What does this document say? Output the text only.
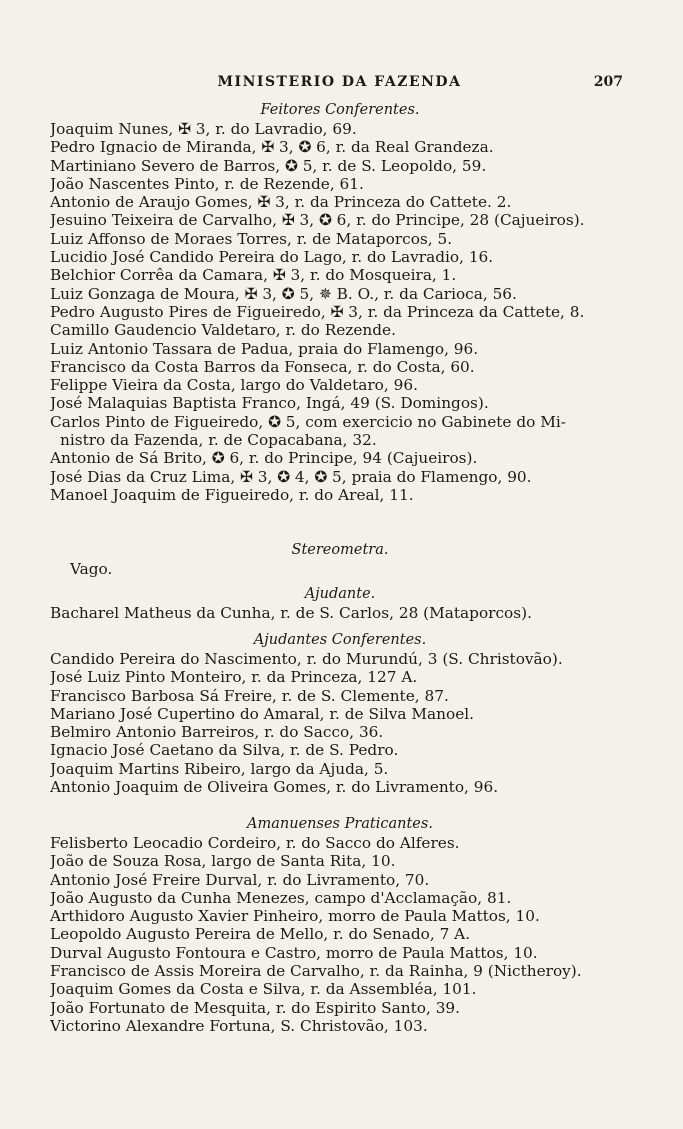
MINISTERIO DA FAZENDA	207
Feitores Conferentes.
Joaquim Nunes, ✠ 3, r. do Lavradio, 69.
Pedro Ignacio de Miranda, ✠ 3, ✪ 6, r. da Real Grandeza.
Martiniano Severo de Barros, ✪ 5, r. de S. Leopoldo, 59.
João Nascentes Pinto, r. de Rezende, 61.
Antonio de Araujo Gomes, ✠ 3, r. da Princeza do Cattete. 2.
Jesuino Teixeira de Carvalho, ✠ 3, ✪ 6, r. do Principe, 28 (Cajueiros).
Luiz Affonso de Moraes Torres, r. de Mataporcos, 5.
Lucidio José Candido Pereira do Lago, r. do Lavradio, 16.
Belchior Corrêa da Camara, ✠ 3, r. do Mosqueira, 1.
Luiz Gonzaga de Moura, ✠ 3, ✪ 5, ✵ B. O., r. da Carioca, 56.
Pedro Augusto Pires de Figueiredo, ✠ 3, r. da Princeza da Cattete, 8.
Camillo Gaudencio Valdetaro, r. do Rezende.
Luiz Antonio Tassara de Padua, praia do Flamengo, 96.
Francisco da Costa Barros da Fonseca, r. do Costa, 60.
Felippe Vieira da Costa, largo do Valdetaro, 96.
José Malaquias Baptista Franco, Ingá, 49 (S. Domingos).
Carlos Pinto de Figueiredo, ✪ 5, com exercicio no Gabinete do Mi-
nistro da Fazenda, r. de Copacabana, 32.
Antonio de Sá Brito, ✪ 6, r. do Principe, 94 (Cajueiros).
José Dias da Cruz Lima, ✠ 3, ✪ 4, ✪ 5, praia do Flamengo, 90.
Manoel Joaquim de Figueiredo, r. do Areal, 11.
Stereometra.
Vago.
Ajudante.
Bacharel Matheus da Cunha, r. de S. Carlos, 28 (Mataporcos).
Ajudantes Conferentes.
Candido Pereira do Nascimento, r. do Murundú, 3 (S. Christovão).
José Luiz Pinto Monteiro, r. da Princeza, 127 A.
Francisco Barbosa Sá Freire, r. de S. Clemente, 87.
Mariano José Cupertino do Amaral, r. de Silva Manoel.
Belmiro Antonio Barreiros, r. do Sacco, 36.
Ignacio José Caetano da Silva, r. de S. Pedro.
Joaquim Martins Ribeiro, largo da Ajuda, 5.
Antonio Joaquim de Oliveira Gomes, r. do Livramento, 96.
Amanuenses Praticantes.
Felisberto Leocadio Cordeiro, r. do Sacco do Alferes.
João de Souza Rosa, largo de Santa Rita, 10.
Antonio José Freire Durval, r. do Livramento, 70.
João Augusto da Cunha Menezes, campo d'Acclamação, 81.
Arthidoro Augusto Xavier Pinheiro, morro de Paula Mattos, 10.
Leopoldo Augusto Pereira de Mello, r. do Senado, 7 A.
Durval Augusto Fontoura e Castro, morro de Paula Mattos, 10.
Francisco de Assis Moreira de Carvalho, r. da Rainha, 9 (Nictheroy).
Joaquim Gomes da Costa e Silva, r. da Assembléa, 101.
João Fortunato de Mesquita, r. do Espirito Santo, 39.
Victorino Alexandre Fortuna, S. Christovão, 103.
